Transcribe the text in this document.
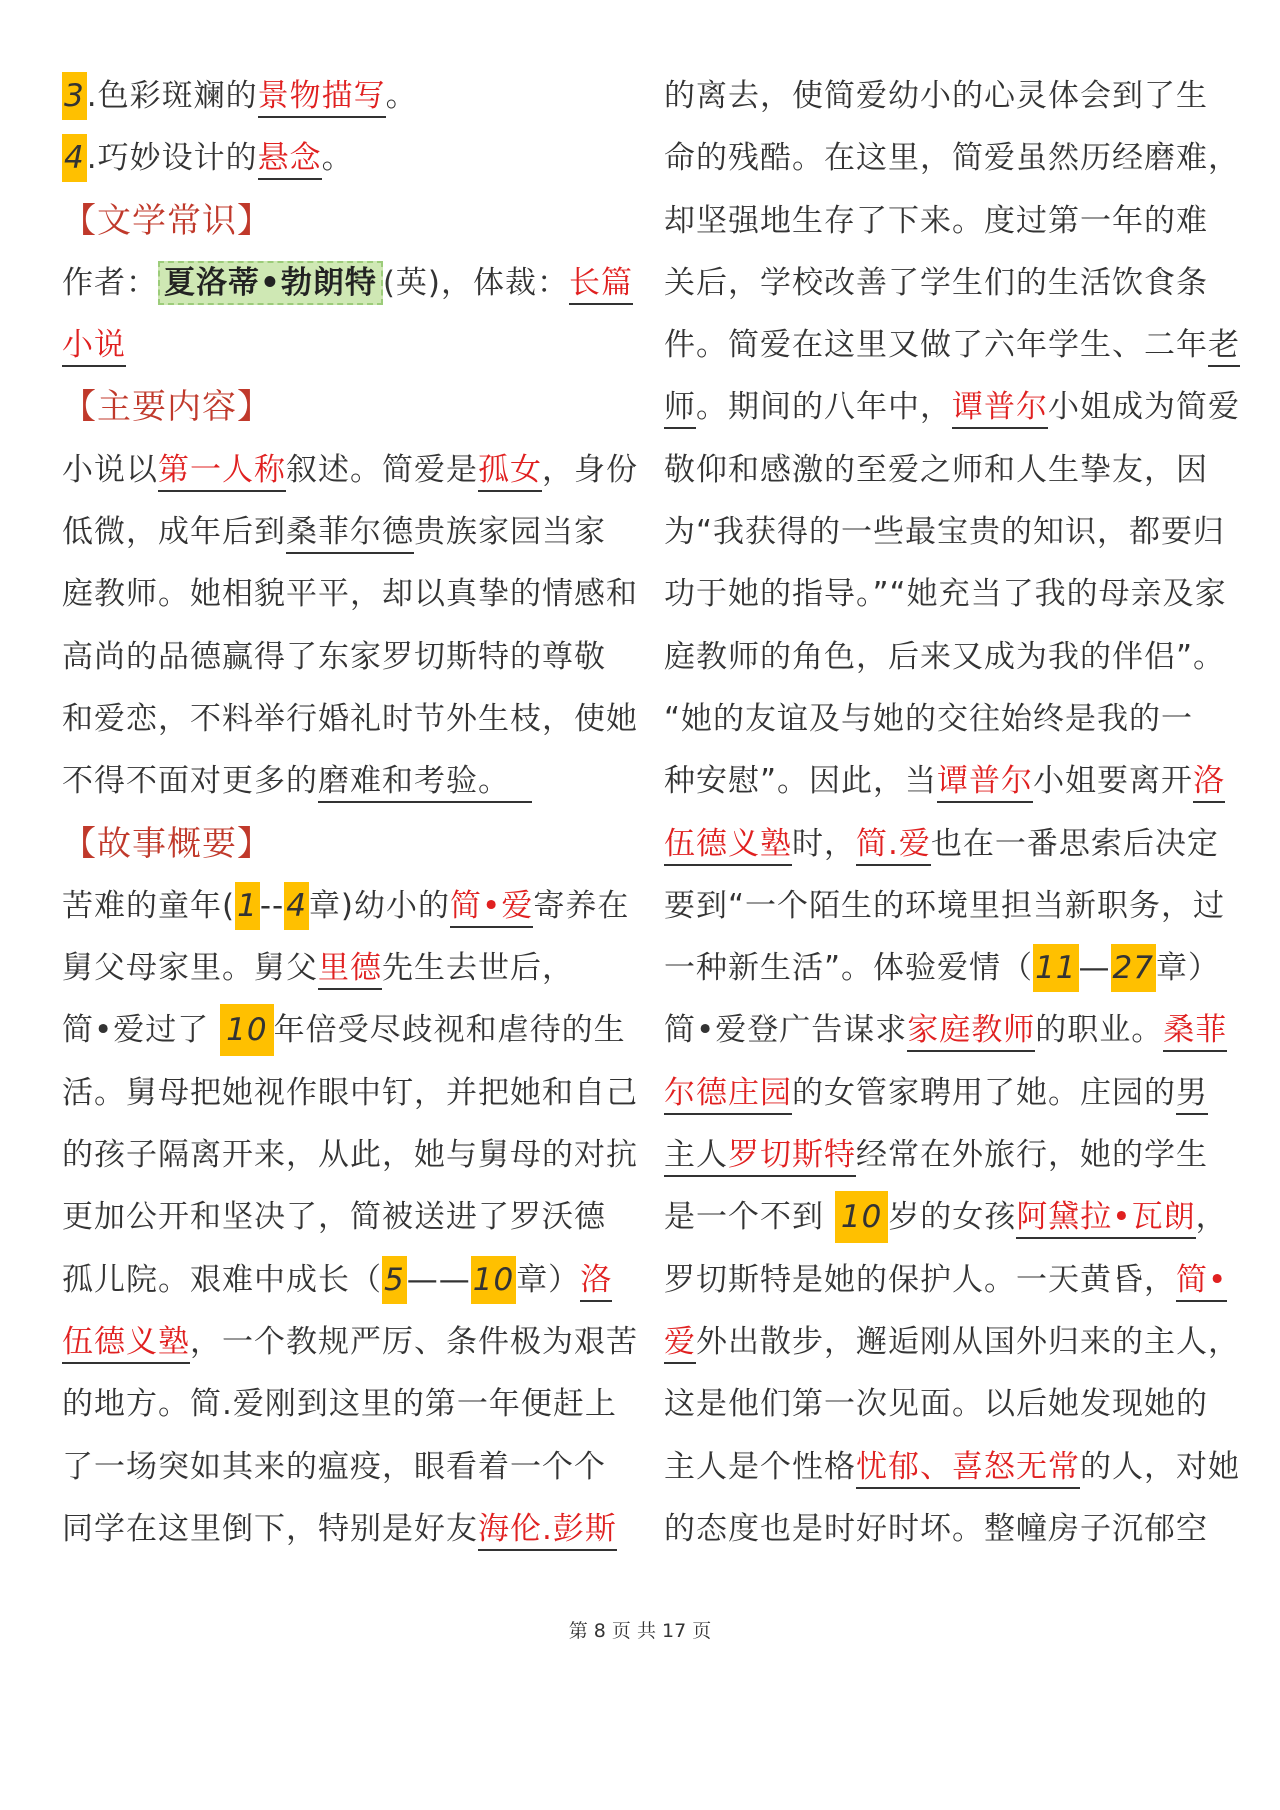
3.色彩斑斓的景物描写。
4.巧妙设计的悬念。
【文学常识】
作者： 夏洛蒂•勃朗特 (英)，体裁：长篇
小说
【主要内容】
小说以第一人称叙述。简爱是孤女，身份
低微，成年后到桑菲尔德贵族家园当家
庭教师。她相貌平平，却以真挚的情感和
高尚的品德赢得了东家罗切斯特的尊敬
和爱恋，不料举行婚礼时节外生枝，使她
不得不面对更多的磨难和考验。
【故事概要】
苦难的童年(1--4章)幼小的简•爱寄养在
舅父母家里。舅父里德先生去世后，
简•爱过了 10 年倍受尽歧视和虐待的生
活。舅母把她视作眼中钉，并把她和自己
的孩子隔离开来，从此，她与舅母的对抗
更加公开和坚决了，简被送进了罗沃德
孤儿院。艰难中成长（5——10章）洛
伍德义塾，一个教规严厉、条件极为艰苦
的地方。简.爱刚到这里的第一年便赶上
了一场突如其来的瘟疫，眼看着一个个
同学在这里倒下，特别是好友海伦.彭斯
的离去，使简爱幼小的心灵体会到了生
命的残酷。在这里，简爱虽然历经磨难，
却坚强地生存了下来。度过第一年的难
关后，学校改善了学生们的生活饮食条
件。简爱在这里又做了六年学生、二年老
师。期间的八年中，谭普尔小姐成为简爱
敬仰和感激的至爱之师和人生挚友，因
为“我获得的一些最宝贵的知识，都要归
功于她的指导。”“她充当了我的母亲及家
庭教师的角色，后来又成为我的伴侣”。
“她的友谊及与她的交往始终是我的一
种安慰”。因此，当谭普尔小姐要离开洛
伍德义塾时，简.爱也在一番思索后决定
要到“一个陌生的环境里担当新职务，过
一种新生活”。体验爱情（11—27章）
简•爱登广告谋求家庭教师的职业。桑菲
尔德庄园的女管家聘用了她。庄园的男
主人罗切斯特经常在外旅行，她的学生
是一个不到 10 岁的女孩阿黛拉•瓦朗，
罗切斯特是她的保护人。一天黄昏，简•
爱外出散步，邂逅刚从国外归来的主人，
这是他们第一次见面。以后她发现她的
主人是个性格忧郁、喜怒无常的人，对她
的态度也是时好时坏。整幢房子沉郁空
第 8 页 共 17 页
